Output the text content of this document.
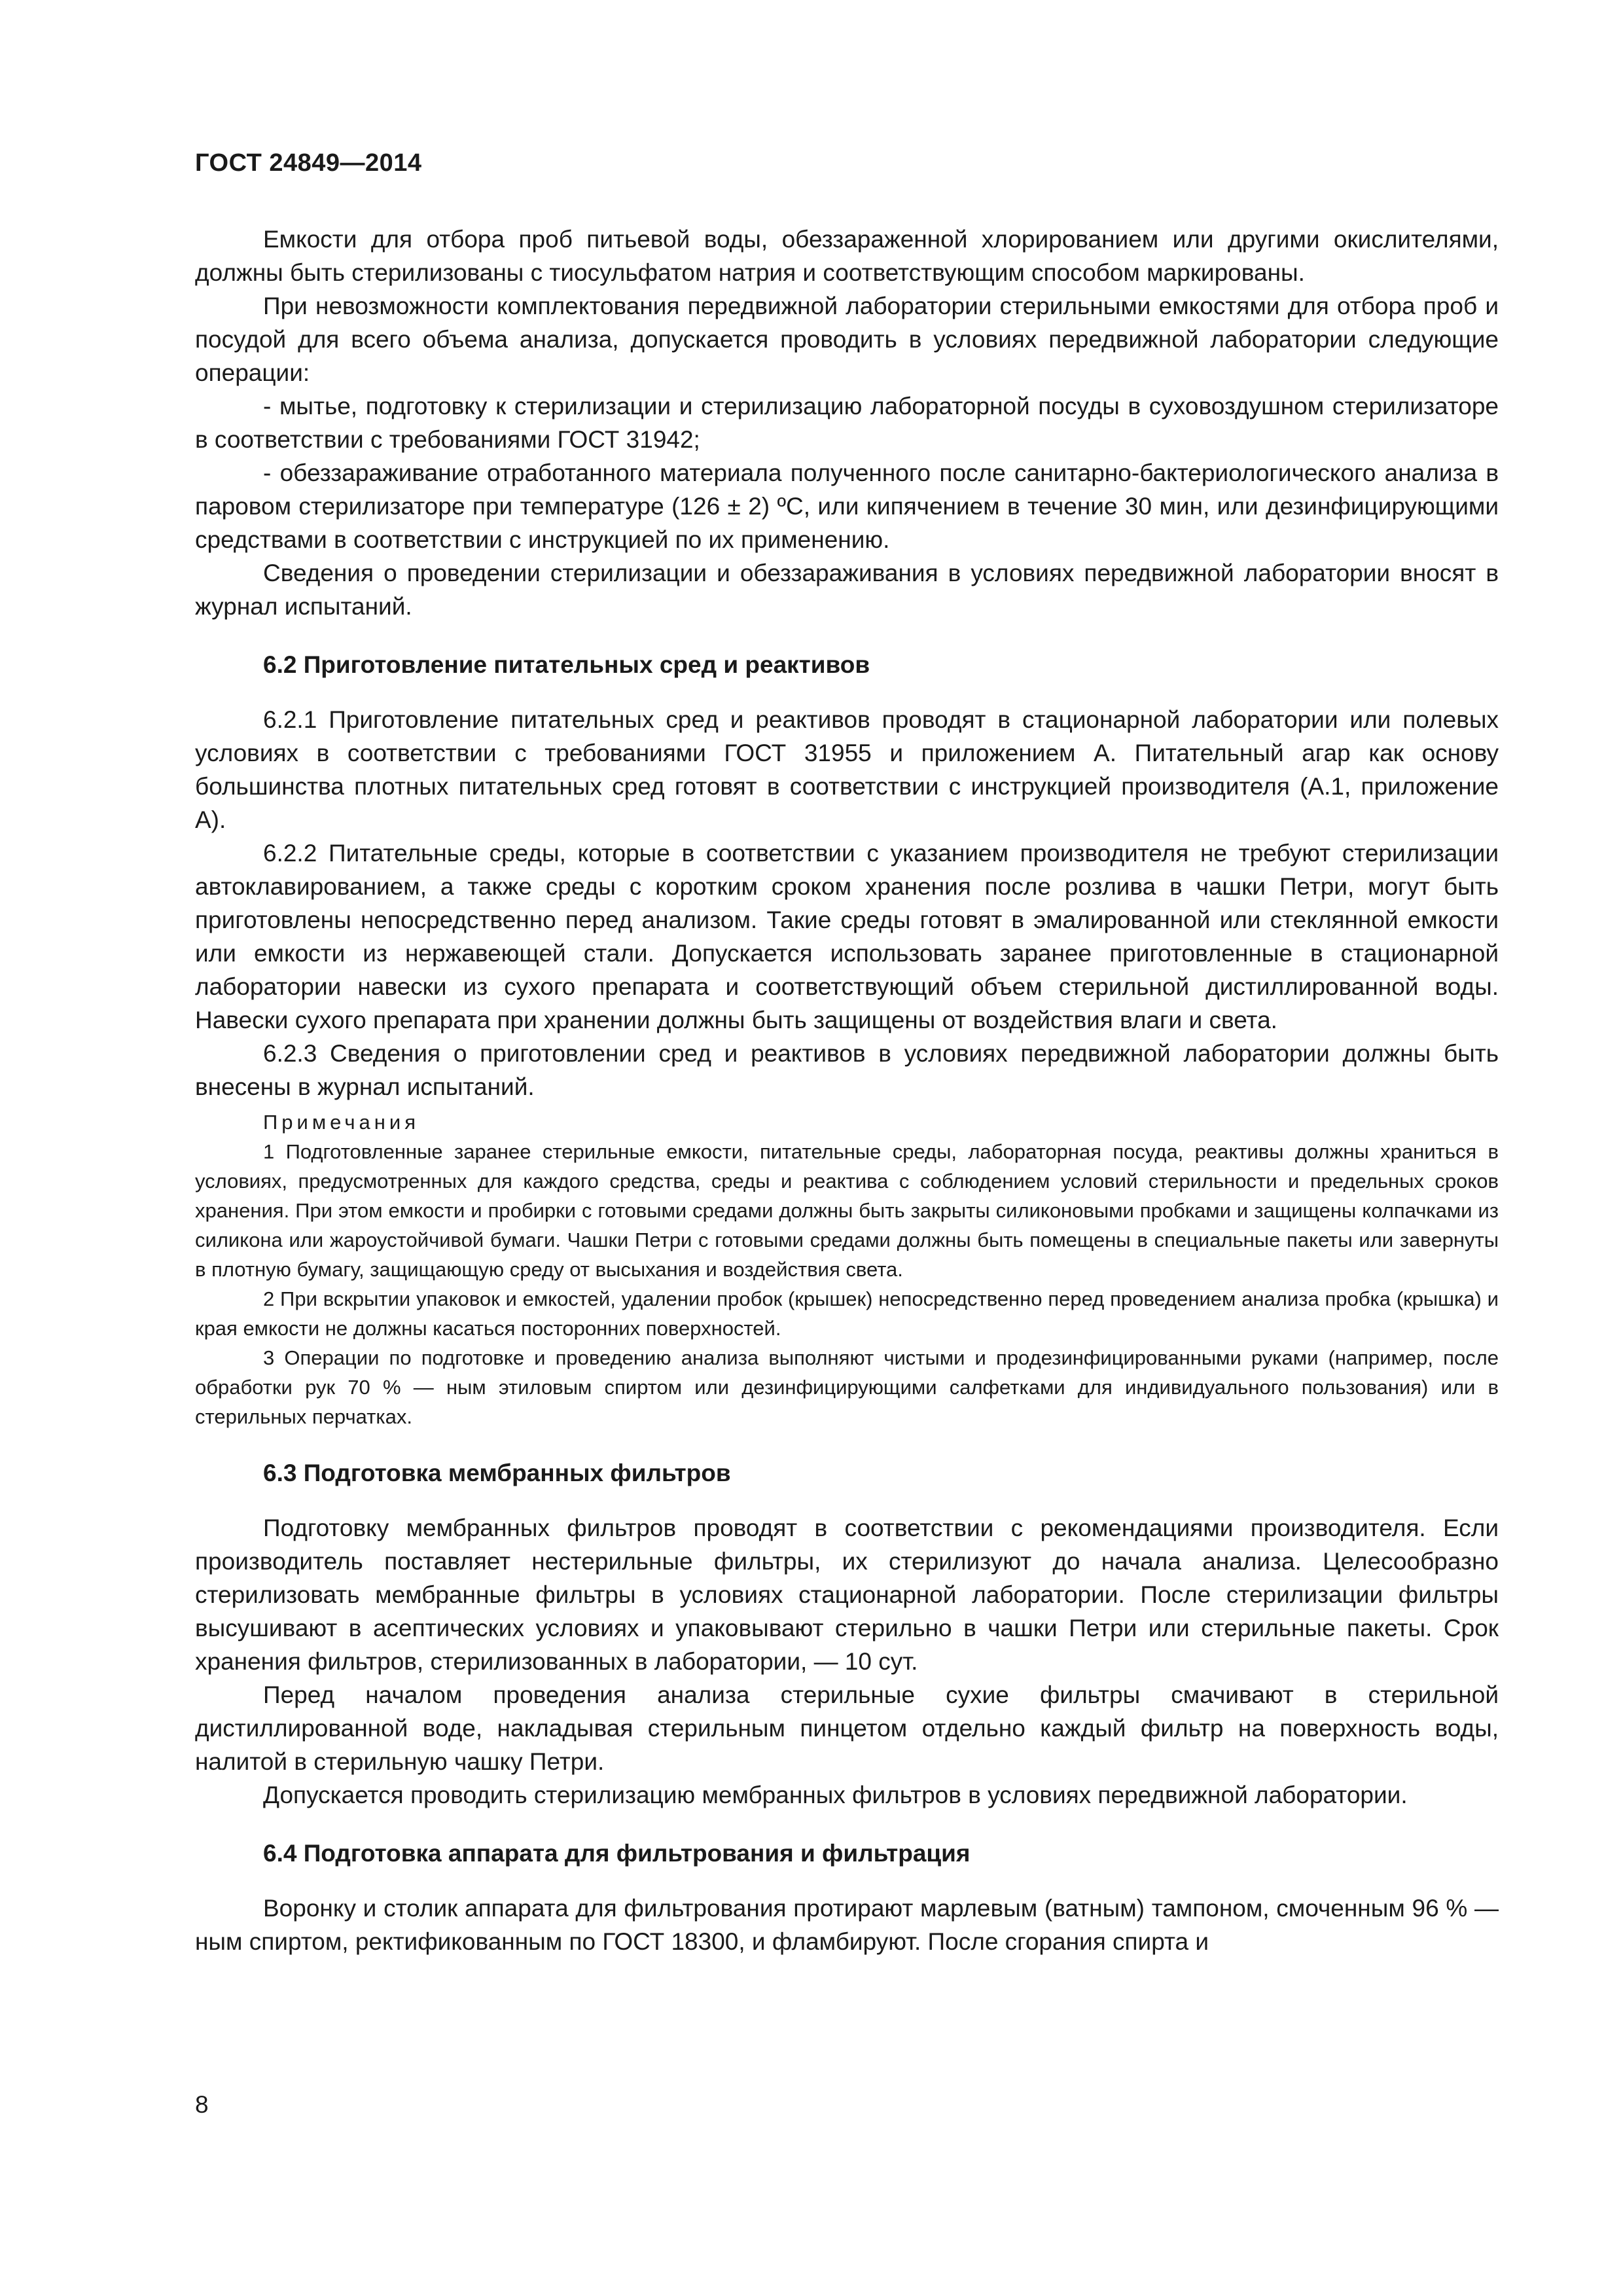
ГОСТ 24849—2014

Емкости для отбора проб питьевой воды, обеззараженной хлорированием или другими окислителями, должны быть стерилизованы с тиосульфатом натрия и соответствующим способом маркированы.

При невозможности комплектования передвижной лаборатории стерильными емкостями для отбора проб и посудой для всего объема анализа, допускается проводить в условиях передвижной лаборатории следующие операции:

- мытье, подготовку к стерилизации и стерилизацию лабораторной посуды в суховоздушном стерилизаторе в соответствии с требованиями ГОСТ 31942;

- обеззараживание отработанного материала полученного после санитарно-бактериологического анализа в паровом стерилизаторе при температуре (126 ± 2) ºС, или кипячением в течение 30 мин, или дезинфицирующими средствами в соответствии с инструкцией по их применению.

Сведения о проведении стерилизации и обеззараживания в условиях передвижной лаборатории вносят в журнал испытаний.

6.2 Приготовление питательных сред и реактивов

6.2.1 Приготовление питательных сред и реактивов проводят в стационарной лаборатории или полевых условиях в соответствии с требованиями ГОСТ 31955 и приложением А. Питательный агар как основу большинства плотных питательных сред готовят в соответствии с инструкцией производителя (А.1, приложение А).

6.2.2 Питательные среды, которые в соответствии с указанием производителя не требуют стерилизации автоклавированием, а также среды с коротким сроком хранения после розлива в чашки Петри, могут быть приготовлены непосредственно перед анализом. Такие среды готовят в эмалированной или стеклянной емкости или емкости из нержавеющей стали. Допускается использовать заранее приготовленные в стационарной лаборатории навески из сухого препарата и соответствующий объем стерильной дистиллированной воды. Навески сухого препарата при хранении должны быть защищены от воздействия влаги и света.

6.2.3 Сведения о приготовлении сред и реактивов в условиях передвижной лаборатории должны быть внесены в журнал испытаний.

Примечания

1 Подготовленные заранее стерильные емкости, питательные среды, лабораторная посуда, реактивы должны храниться в условиях, предусмотренных для каждого средства, среды и реактива с соблюдением условий стерильности и предельных сроков хранения. При этом емкости и пробирки с готовыми средами должны быть закрыты силиконовыми пробками и защищены колпачками из силикона или жароустойчивой бумаги. Чашки Петри с готовыми средами должны быть помещены в специальные пакеты или завернуты в плотную бумагу, защищающую среду от высыхания и воздействия света.

2 При вскрытии упаковок и емкостей, удалении пробок (крышек) непосредственно перед проведением анализа пробка (крышка) и края емкости не должны касаться посторонних поверхностей.

3 Операции по подготовке и проведению анализа выполняют чистыми и продезинфицированными руками (например, после обработки рук 70 % — ным этиловым спиртом или дезинфицирующими салфетками для индивидуального пользования) или в стерильных перчатках.

6.3 Подготовка мембранных фильтров

Подготовку мембранных фильтров проводят в соответствии с рекомендациями производителя. Если производитель поставляет нестерильные фильтры, их стерилизуют до начала анализа. Целесообразно стерилизовать мембранные фильтры в условиях стационарной лаборатории. После стерилизации фильтры высушивают в асептических условиях и упаковывают стерильно в чашки Петри или стерильные пакеты. Срок хранения фильтров, стерилизованных в лаборатории, — 10 сут.

Перед началом проведения анализа стерильные сухие фильтры смачивают в стерильной дистиллированной воде, накладывая стерильным пинцетом отдельно каждый фильтр на поверхность воды, налитой в стерильную чашку Петри.

Допускается проводить стерилизацию мембранных фильтров в условиях передвижной лаборатории.

6.4 Подготовка аппарата для фильтрования и фильтрация

Воронку и столик аппарата для фильтрования протирают марлевым (ватным) тампоном, смоченным 96 % — ным спиртом, ректификованным по ГОСТ 18300, и фламбируют. После сгорания спирта и

8
